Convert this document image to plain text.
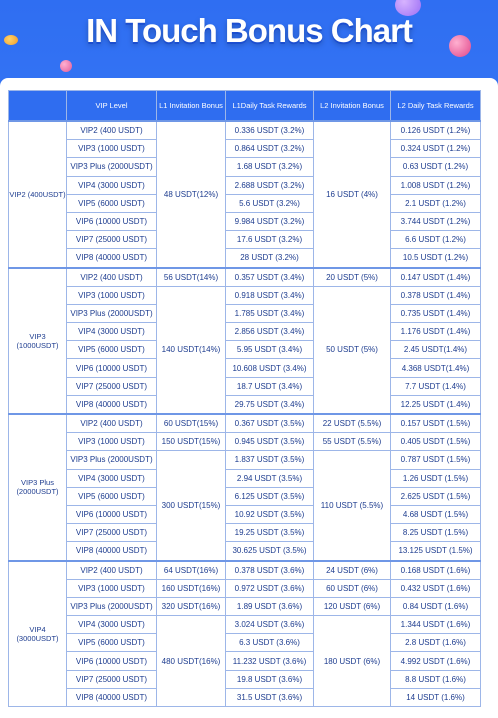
IN Touch Bonus Chart
	VIP Level	L1 Invitation Bonus	L1Daily Task Rewards	L2 Invitation Bonus	L2 Daily Task Rewards
VIP2 (400USDT)	VIP2 (400 USDT)	48 USDT(12%)	0.336 USDT (3.2%)	16 USDT (4%)	0.126 USDT (1.2%)
	VIP3 (1000 USDT)		0.864 USDT (3.2%)		0.324 USDT (1.2%)
	VIP3 Plus (2000USDT)		1.68 USDT (3.2%)		0.63 USDT (1.2%)
	VIP4 (3000 USDT)		2.688 USDT (3.2%)		1.008 USDT (1.2%)
	VIP5 (6000 USDT)		5.6 USDT (3.2%)		2.1 USDT (1.2%)
	VIP6 (10000 USDT)		9.984 USDT (3.2%)		3.744 USDT (1.2%)
	VIP7 (25000 USDT)		17.6 USDT (3.2%)		6.6 USDT (1.2%)
	VIP8 (40000 USDT)		28 USDT (3.2%)		10.5 USDT (1.2%)
VIP3 (1000USDT)	VIP2 (400 USDT)	56 USDT(14%)	0.357 USDT (3.4%)	20 USDT (5%)	0.147 USDT (1.4%)
	VIP3 (1000 USDT)	140 USDT(14%)	0.918 USDT (3.4%)	50 USDT (5%)	0.378 USDT (1.4%)
	VIP3 Plus (2000USDT)		1.785 USDT (3.4%)		0.735 USDT (1.4%)
	VIP4 (3000 USDT)		2.856 USDT (3.4%)		1.176 USDT (1.4%)
	VIP5 (6000 USDT)		5.95 USDT (3.4%)		2.45 USDT(1.4%)
	VIP6 (10000 USDT)		10.608 USDT (3.4%)		4.368 USDT(1.4%)
	VIP7 (25000 USDT)		18.7 USDT (3.4%)		7.7 USDT (1.4%)
	VIP8 (40000 USDT)		29.75 USDT (3.4%)		12.25 USDT (1.4%)
VIP3 Plus (2000USDT)	VIP2 (400 USDT)	60 USDT(15%)	0.367 USDT (3.5%)	22 USDT (5.5%)	0.157 USDT (1.5%)
	VIP3 (1000 USDT)	150 USDT(15%)	0.945 USDT (3.5%)	55 USDT (5.5%)	0.405 USDT (1.5%)
	VIP3 Plus (2000USDT)	300 USDT(15%)	1.837 USDT (3.5%)	110 USDT (5.5%)	0.787 USDT (1.5%)
	VIP4 (3000 USDT)		2.94 USDT (3.5%)		1.26 USDT (1.5%)
	VIP5 (6000 USDT)		6.125 USDT (3.5%)		2.625 USDT (1.5%)
	VIP6 (10000 USDT)		10.92 USDT (3.5%)		4.68 USDT (1.5%)
	VIP7 (25000 USDT)		19.25 USDT (3.5%)		8.25 USDT (1.5%)
	VIP8 (40000 USDT)		30.625 USDT (3.5%)		13.125 USDT (1.5%)
VIP4 (3000USDT)	VIP2 (400 USDT)	64 USDT(16%)	0.378 USDT (3.6%)	24 USDT (6%)	0.168 USDT (1.6%)
	VIP3 (1000 USDT)	160 USDT(16%)	0.972 USDT (3.6%)	60 USDT (6%)	0.432 USDT (1.6%)
	VIP3 Plus (2000USDT)	320 USDT(16%)	1.89 USDT (3.6%)	120 USDT (6%)	0.84 USDT (1.6%)
	VIP4 (3000 USDT)	480 USDT(16%)	3.024 USDT (3.6%)	180 USDT (6%)	1.344 USDT (1.6%)
	VIP5 (6000 USDT)		6.3 USDT (3.6%)		2.8 USDT (1.6%)
	VIP6 (10000 USDT)		11.232 USDT (3.6%)		4.992 USDT (1.6%)
	VIP7 (25000 USDT)		19.8 USDT (3.6%)		8.8 USDT (1.6%)
	VIP8 (40000 USDT)		31.5 USDT (3.6%)		14 USDT (1.6%)
